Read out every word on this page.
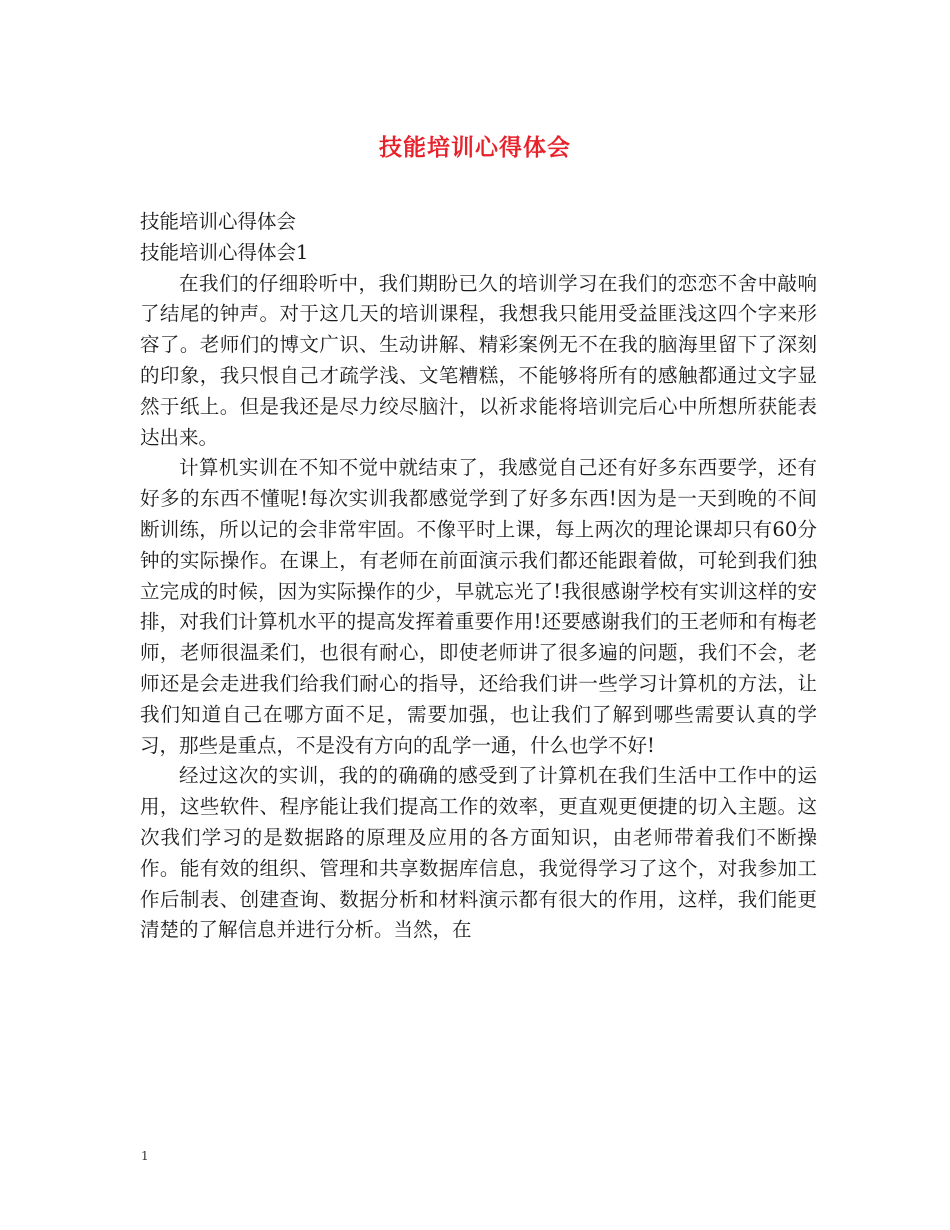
技能培训心得体会

技能培训心得体会

技能培训心得体会1

在我们的仔细聆听中，我们期盼已久的培训学习在我们的恋恋不舍中敲响了结尾的钟声。对于这几天的培训课程，我想我只能用受益匪浅这四个字来形容了。老师们的博文广识、生动讲解、精彩案例无不在我的脑海里留下了深刻的印象，我只恨自己才疏学浅、文笔糟糕，不能够将所有的感触都通过文字显然于纸上。但是我还是尽力绞尽脑汁，以祈求能将培训完后心中所想所获能表达出来。

计算机实训在不知不觉中就结束了，我感觉自己还有好多东西要学，还有好多的东西不懂呢!每次实训我都感觉学到了好多东西!因为是一天到晚的不间断训练，所以记的会非常牢固。不像平时上课，每上两次的理论课却只有60分钟的实际操作。在课上，有老师在前面演示我们都还能跟着做，可轮到我们独立完成的时候，因为实际操作的少，早就忘光了!我很感谢学校有实训这样的安排，对我们计算机水平的提高发挥着重要作用!还要感谢我们的王老师和有梅老师，老师很温柔们，也很有耐心，即使老师讲了很多遍的问题，我们不会，老师还是会走进我们给我们耐心的指导，还给我们讲一些学习计算机的方法，让我们知道自己在哪方面不足，需要加强，也让我们了解到哪些需要认真的学习，那些是重点，不是没有方向的乱学一通，什么也学不好!

经过这次的实训，我的的确确的感受到了计算机在我们生活中工作中的运用，这些软件、程序能让我们提高工作的效率，更直观更便捷的切入主题。这次我们学习的是数据路的原理及应用的各方面知识，由老师带着我们不断操作。能有效的组织、管理和共享数据库信息，我觉得学习了这个，对我参加工作后制表、创建查询、数据分析和材料演示都有很大的作用，这样，我们能更清楚的了解信息并进行分析。当然，在

1
